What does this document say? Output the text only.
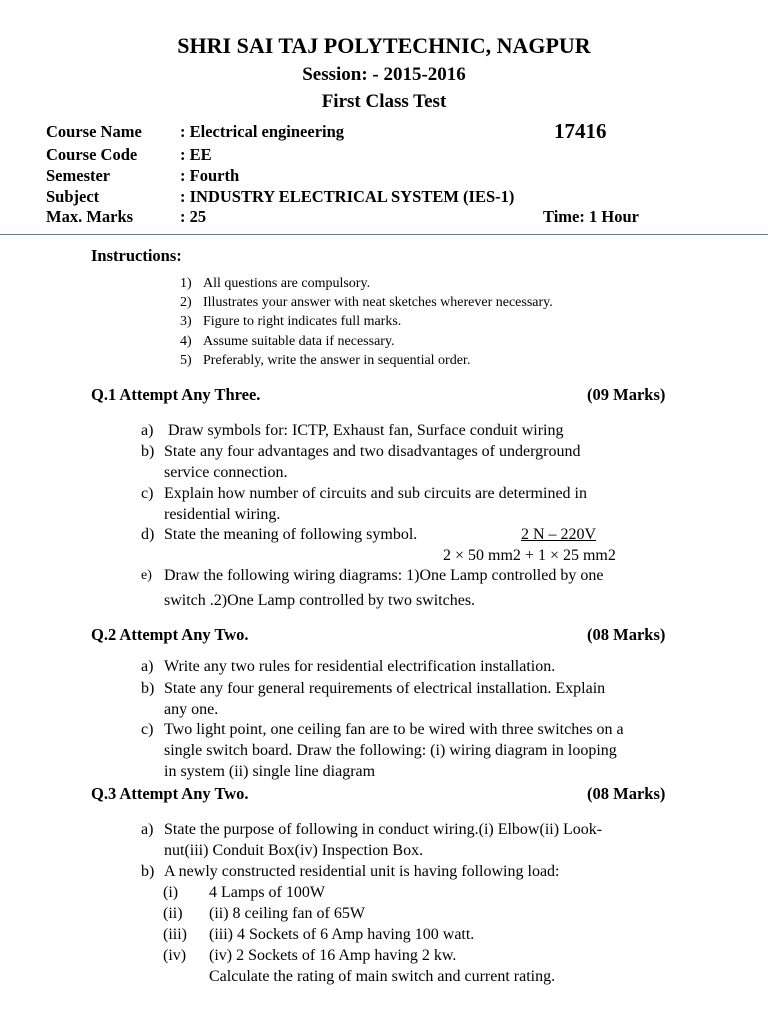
SHRI SAI TAJ POLYTECHNIC, NAGPUR
Session: - 2015-2016
First Class Test
Course Name : Electrical engineering	17416
Course Code	: EE
Semester	: Fourth
Subject	: INDUSTRY ELECTRICAL SYSTEM (IES-1)
Max. Marks	: 25	Time: 1 Hour
Instructions:
1) All questions are compulsory.
2) Illustrates your answer with neat sketches wherever necessary.
3) Figure to right indicates full marks.
4) Assume suitable data if necessary.
5) Preferably, write the answer in sequential order.
Q.1 Attempt Any Three.	(09 Marks)
a) Draw symbols for: ICTP, Exhaust fan, Surface conduit wiring
b) State any four advantages and two disadvantages of underground
service connection.
c) Explain how number of circuits and sub circuits are determined in
residential wiring.
d) State the meaning of following symbol.	2 N – 220V
2 × 50 mm2 + 1 × 25 mm2
e) Draw the following wiring diagrams: 1)One Lamp controlled by one
switch .2)One Lamp controlled by two switches.
Q.2 Attempt Any Two.	(08 Marks)
a) Write any two rules for residential electrification installation.
b) State any four general requirements of electrical installation. Explain
any one.
c) Two light point, one ceiling fan are to be wired with three switches on a
single switch board. Draw the following: (i) wiring diagram in looping
in system (ii) single line diagram
Q.3 Attempt Any Two.	(08 Marks)
a) State the purpose of following in conduct wiring.(i) Elbow(ii) Look-
nut(iii) Conduit Box(iv) Inspection Box.
b) A newly constructed residential unit is having following load:
(i) 4 Lamps of 100W
(ii) (ii) 8 ceiling fan of 65W
(iii) (iii) 4 Sockets of 6 Amp having 100 watt.
(iv) (iv) 2 Sockets of 16 Amp having 2 kw.
Calculate the rating of main switch and current rating.
